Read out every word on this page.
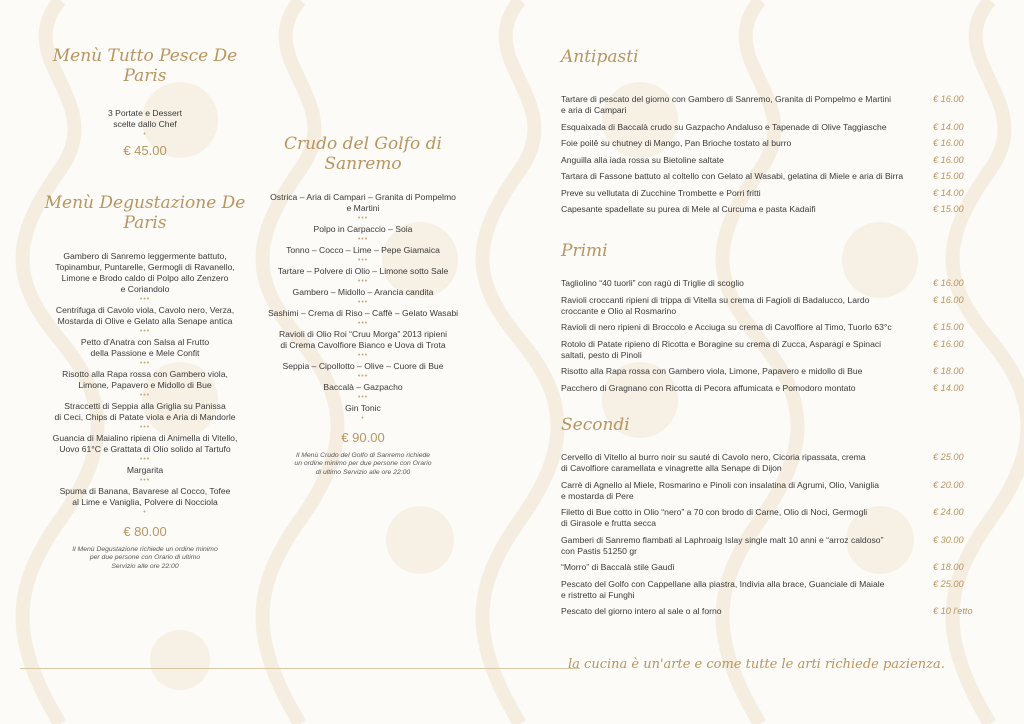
Menù Tutto Pesce De Paris

3 Portate e Dessert

scelte dallo Chef

•

€ 45.00

Menù Degustazione De Paris

Gambero di Sanremo leggermente battuto,

Topinambur, Puntarelle, Germogli di Ravanello,

Limone e Brodo caldo di Polpo allo Zenzero

e Coriandolo

•••

Centrifuga di Cavolo viola, Cavolo nero, Verza,

Mostarda di Olive e Gelato alla Senape antica

•••

Petto d'Anatra con Salsa al Frutto

della Passione e Mele Confit

•••

Risotto alla Rapa rossa con Gambero viola,

Limone, Papavero e Midollo di Bue

•••

Straccetti di Seppia alla Griglia su Panissa

di Ceci, Chips di Patate viola e Aria di Mandorle

•••

Guancia di Maialino ripiena di Animella di Vitello,

Uovo 61°C e Grattata di Olio solido al Tartufo

•••

Margarita

•••

Spuma di Banana, Bavarese al Cocco, Tofee

al Lime e Vaniglia, Polvere di Nocciola

•

€ 80.00

Il Menù Degustazione richiede un ordine minimo

per due persone con Orario di ultimo

Servizio alle ore 22:00

Crudo del Golfo di Sanremo

Ostrica – Aria di Campari – Granita di Pompelmo

e Martini

•••

Polpo in Carpaccio – Soia

•••

Tonno – Cocco – Lime – Pepe Giamaica

•••

Tartare – Polvere di Olio – Limone sotto Sale

•••

Gambero – Midollo – Arancia candita

•••

Sashimi – Crema di Riso – Caffè – Gelato Wasabi

•••

Ravioli di Olio Roi “Cruu Morga” 2013 ripieni

di Crema Cavolfiore Bianco e Uova di Trota

•••

Seppia – Cipollotto – Olive – Cuore di Bue

•••

Baccalà – Gazpacho

•••

Gin Tonic

•

€ 90.00

Il Menù Crudo del Golfo di Sanremo richiede

un ordine minimo per due persone con Orario

di ultimo Servizio alle ore 22:00

Antipasti
Tartare di pescato del giorno con Gambero di Sanremo, Granita di Pompelmo e Martini
e aria di Campari
€ 16.00
Esquaixada di Baccalà crudo su Gazpacho Andaluso e Tapenade di Olive Taggiasche	€ 14.00
Foie poilê su chutney di Mango, Pan Brioche tostato al burro	€ 16.00
Anguilla alla iada rossa su Bietoline saltate	€ 16.00
Tartara di Fassone battuto al coltello con Gelato al Wasabi, gelatina di Miele e aria di Birra	€ 15.00
Preve su vellutata di Zucchine Trombette e Porri fritti	€ 14.00
Capesante spadellate su purea di Mele al Curcuma e pasta Kadaifi	€ 15.00
Primi
Tagliolino “40 tuorli” con ragù di Triglie di scoglio	€ 16.00
Ravioli croccanti ripieni di trippa di Vitella su crema di Fagioli di Badalucco, Lardo
croccante e Olio al Rosmarino
€ 16.00
Ravioli di nero ripieni di Broccolo e Acciuga su crema di Cavolfiore al Timo, Tuorlo 63°c	€ 15.00
Rotolo di Patate ripieno di Ricotta e Boragine su crema di Zucca, Asparagi e Spinaci
saltati, pesto di Pinoli
€ 16.00
Risotto alla Rapa rossa con Gambero viola, Limone, Papavero e midollo di Bue	€ 18.00
Pacchero di Gragnano con Ricotta di Pecora affumicata e Pomodoro montato	€ 14.00
Secondi
Cervello di Vitello al burro noir su sauté di Cavolo nero, Cicoria ripassata, crema
di Cavolfiore caramellata e vinagrette alla Senape di Dijon
€ 25.00
Carrè di Agnello al Miele, Rosmarino e Pinoli con insalatina di Agrumi, Olio, Vaniglia
e mostarda di Pere
€ 20.00
Filetto di Bue cotto in Olio “nero” a 70 con brodo di Carne, Olio di Noci, Germogli
di Girasole e frutta secca
€ 24.00
Gamberi di Sanremo flambati al Laphroaig Islay single malt 10 anni e “arroz caldoso”
con Pastis 51250 gr
€ 30.00
“Morro” di Baccalà stile Gaudì	€ 18.00
Pescato del Golfo con Cappellane alla piastra, Indivia alla brace, Guanciale di Maiale
e ristretto ai Funghi
€ 25.00
Pescato del giorno intero al sale o al forno	€ 10 l'etto
la cucina è un'arte e come tutte le arti richiede pazienza.
